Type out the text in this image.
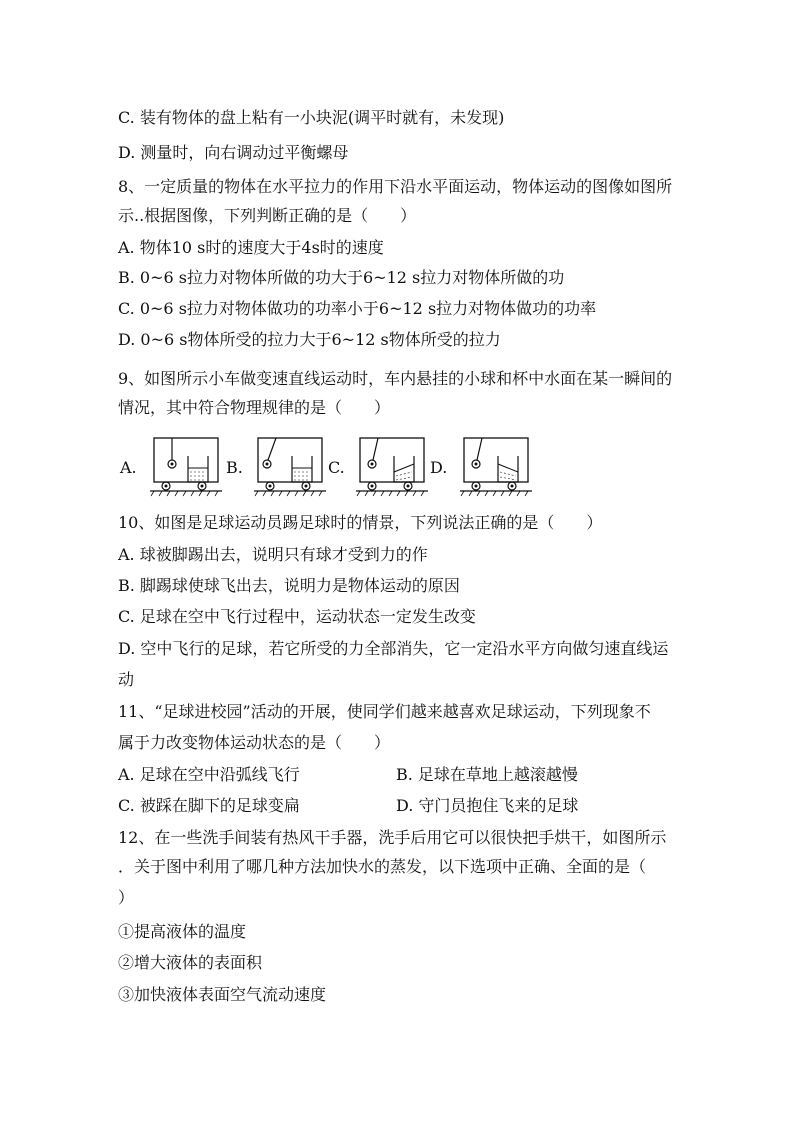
C. 装有物体的盘上粘有一小块泥(调平时就有，未发现)
D. 测量时，向右调动过平衡螺母
8、一定质量的物体在水平拉力的作用下沿水平面运动，物体运动的图像如图所
示..根据图像，下列判断正确的是（　　）
A. 物体10 s时的速度大于4s时的速度
B. 0~6 s拉力对物体所做的功大于6~12 s拉力对物体所做的功
C. 0~6 s拉力对物体做功的功率小于6~12 s拉力对物体做功的功率
D. 0~6 s物体所受的拉力大于6~12 s物体所受的拉力
9、如图所示小车做变速直线运动时，车内悬挂的小球和杯中水面在某一瞬间的
情况，其中符合物理规律的是（　　）
A.	B.	C.	D.
10、如图是足球运动员踢足球时的情景，下列说法正确的是（　　）
A. 球被脚踢出去，说明只有球才受到力的作
B. 脚踢球使球飞出去，说明力是物体运动的原因
C. 足球在空中飞行过程中，运动状态一定发生改变
D. 空中飞行的足球，若它所受的力全部消失，它一定沿水平方向做匀速直线运
动
11、“足球进校园”活动的开展，使同学们越来越喜欢足球运动，下列现象不
属于力改变物体运动状态的是（　　）
A. 足球在空中沿弧线飞行	B. 足球在草地上越滚越慢
C. 被踩在脚下的足球变扁	D. 守门员抱住飞来的足球
12、在一些洗手间装有热风干手器，洗手后用它可以很快把手烘干，如图所示
．关于图中利用了哪几种方法加快水的蒸发，以下选项中正确、全面的是（
）
①提高液体的温度
②增大液体的表面积
③加快液体表面空气流动速度
